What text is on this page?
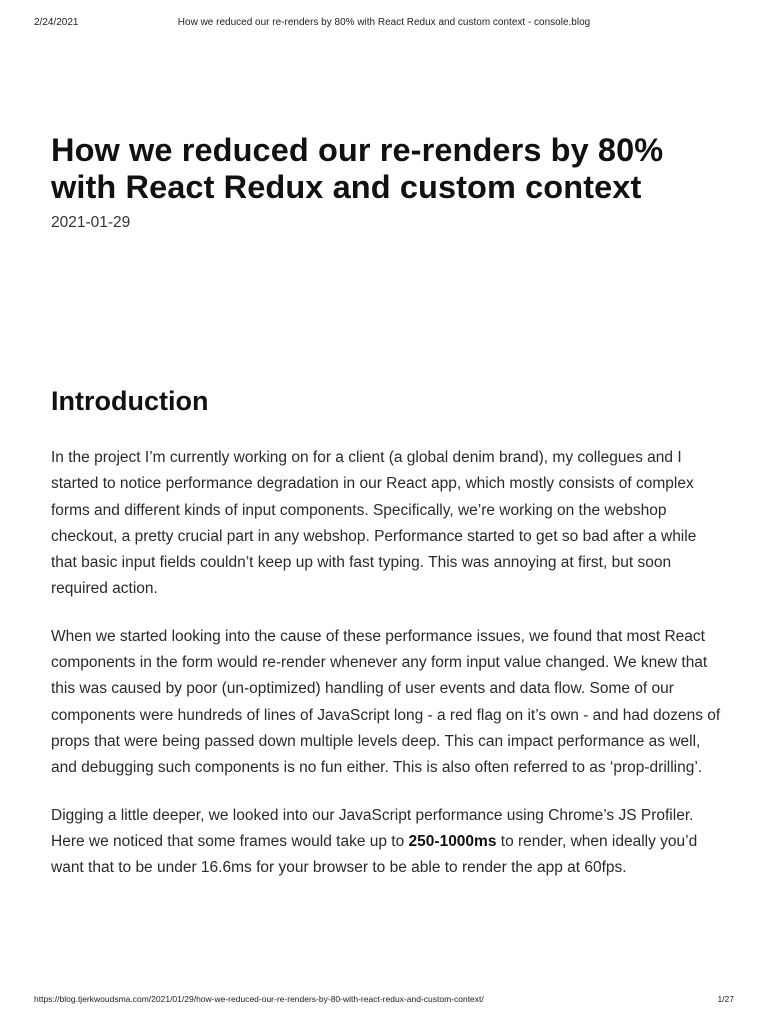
2/24/2021	How we reduced our re-renders by 80% with React Redux and custom context - console.blog
How we reduced our re-renders by 80% with React Redux and custom context
2021-01-29
Introduction

In the project I’m currently working on for a client (a global denim brand), my collegues and I started to notice performance degradation in our React app, which mostly consists of complex forms and different kinds of input components. Specifically, we’re working on the webshop checkout, a pretty crucial part in any webshop. Performance started to get so bad after a while that basic input fields couldn’t keep up with fast typing. This was annoying at first, but soon required action.

When we started looking into the cause of these performance issues, we found that most React components in the form would re-render whenever any form input value changed. We knew that this was caused by poor (un-optimized) handling of user events and data flow. Some of our components were hundreds of lines of JavaScript long - a red flag on it’s own - and had dozens of props that were being passed down multiple levels deep. This can impact performance as well, and debugging such components is no fun either. This is also often referred to as ‘prop-drilling’.

Digging a little deeper, we looked into our JavaScript performance using Chrome’s JS Profiler. Here we noticed that some frames would take up to 250-1000ms to render, when ideally you’d want that to be under 16.6ms for your browser to be able to render the app at 60fps.

https://blog.tjerkwoudsma.com/2021/01/29/how-we-reduced-our-re-renders-by-80-with-react-redux-and-custom-context/	1/27
